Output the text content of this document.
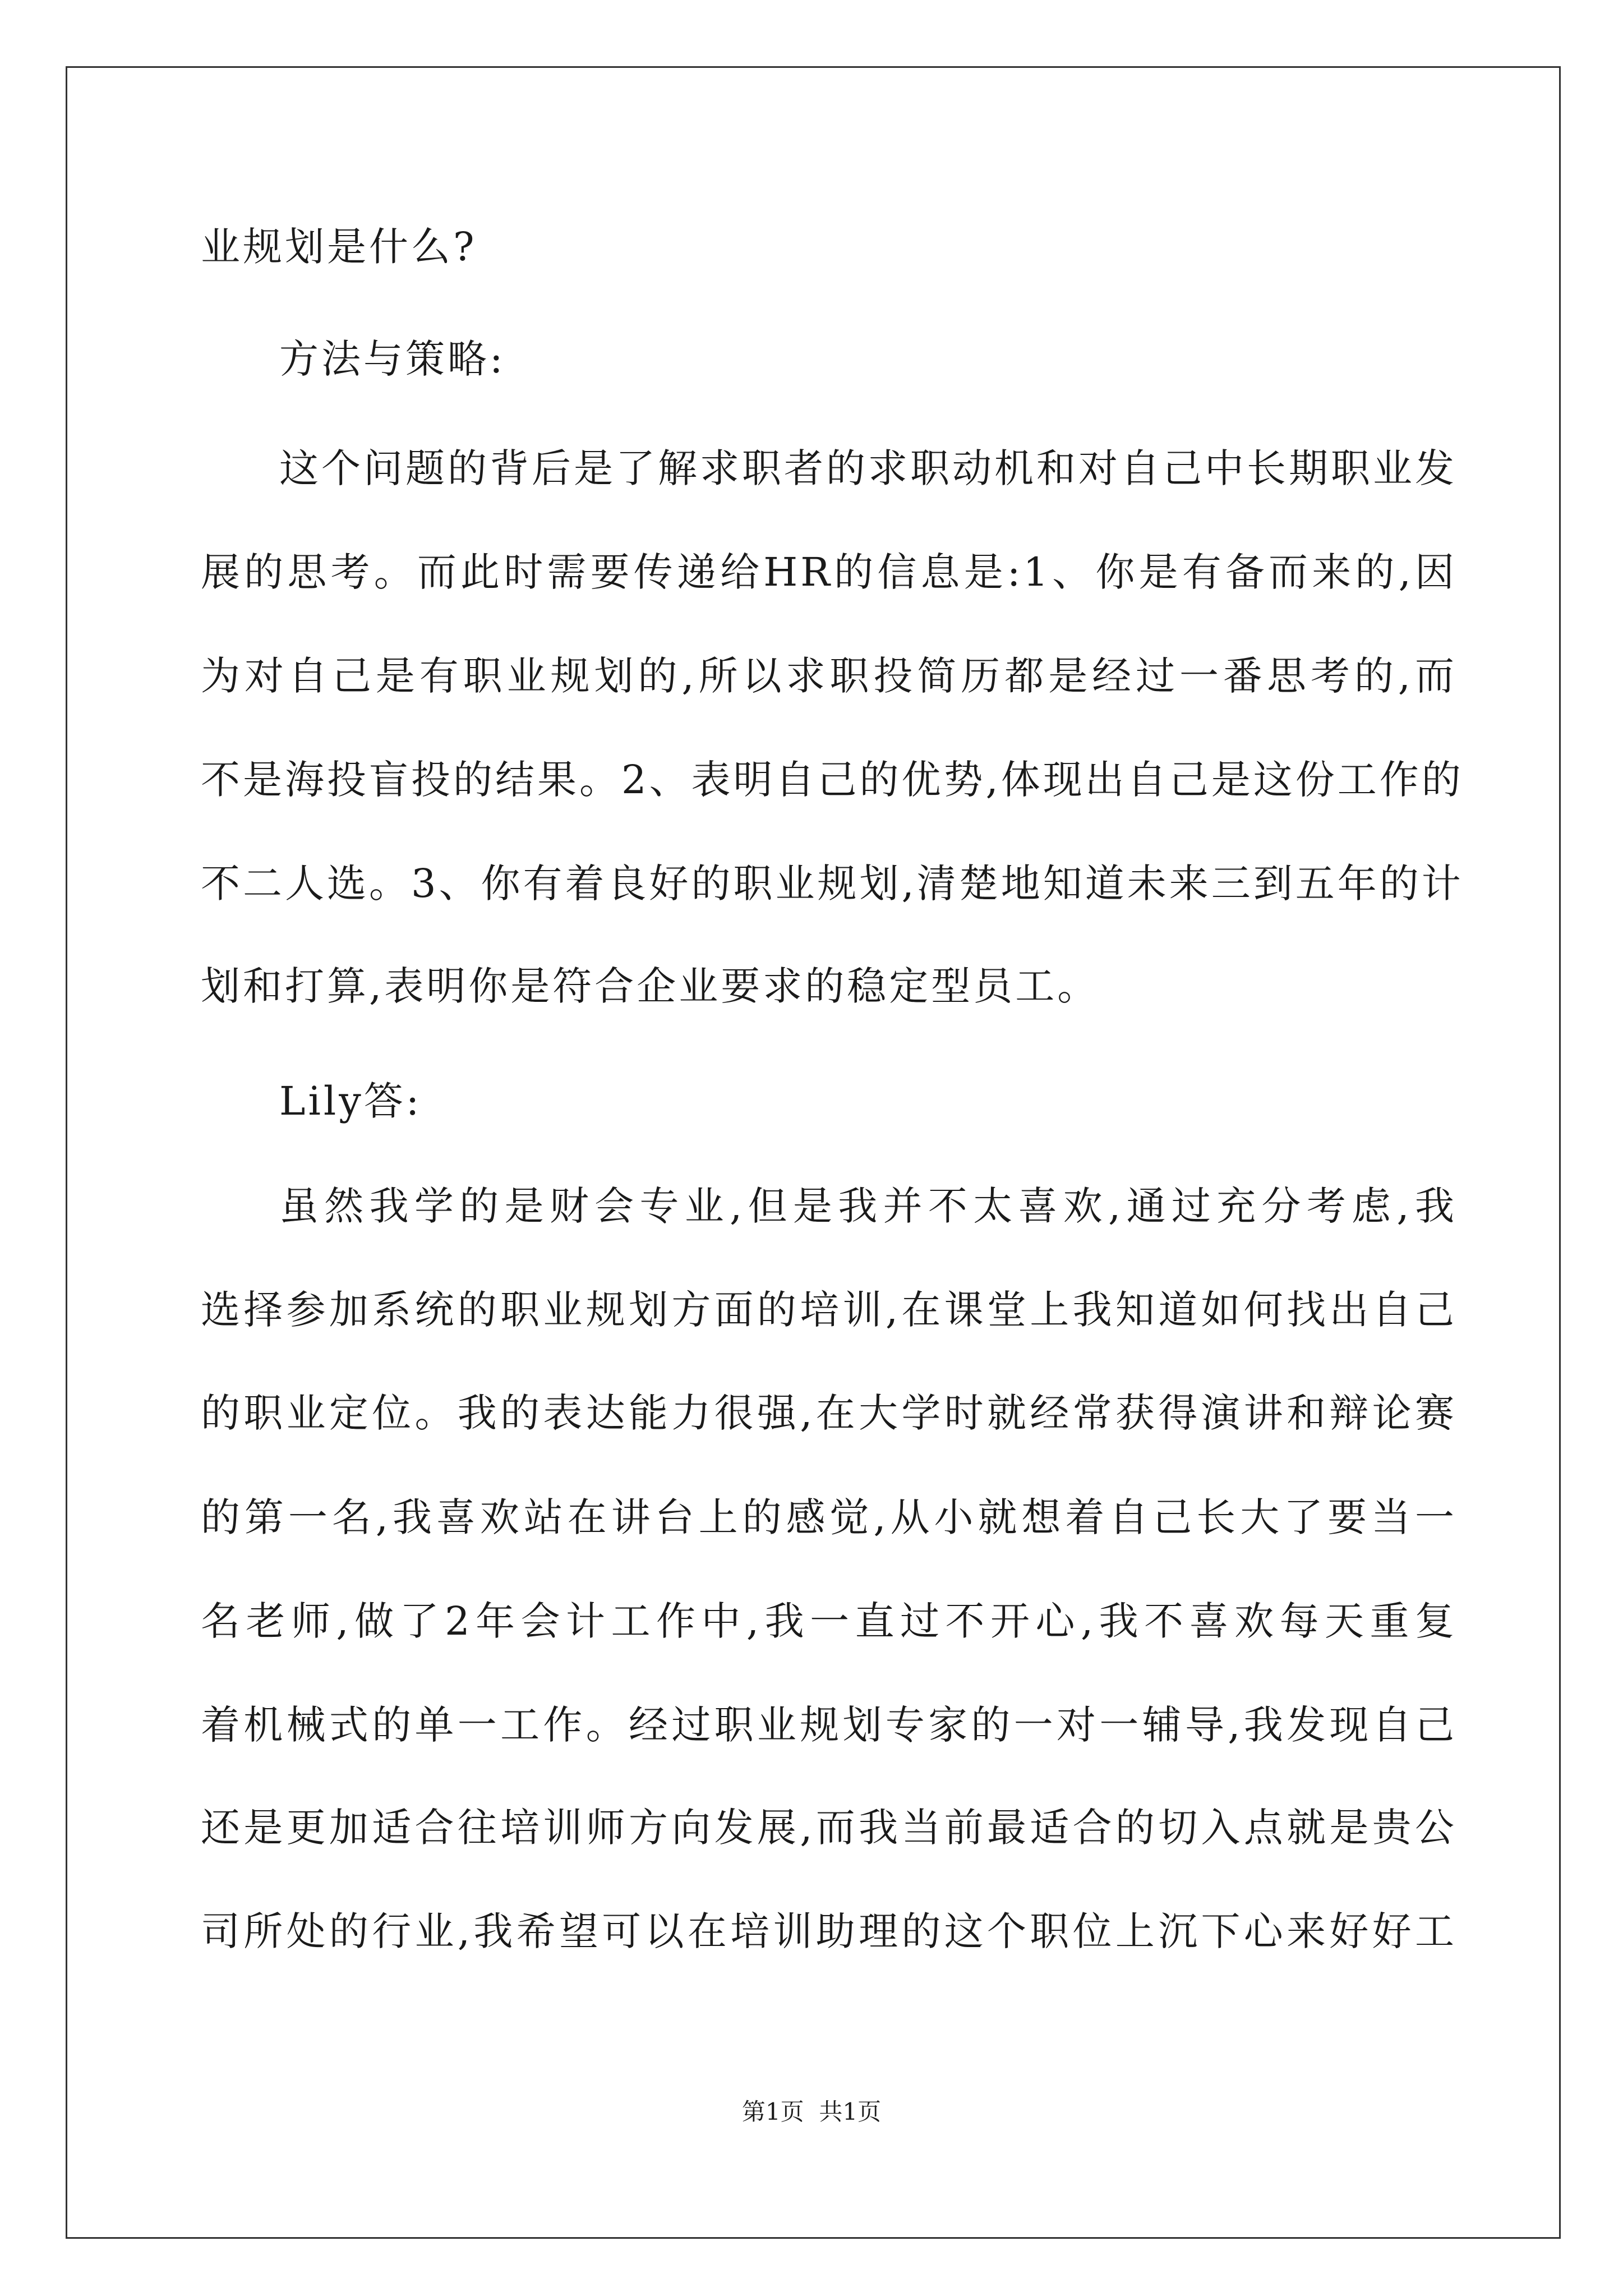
业规划是什么?
方法与策略:
这个问题的背后是了解求职者的求职动机和对自己中长期职业发
展的思考。而此时需要传递给HR的信息是:1、你是有备而来的,因
为对自己是有职业规划的,所以求职投简历都是经过一番思考的,而
不是海投盲投的结果。2、表明自己的优势,体现出自己是这份工作的
不二人选。3、你有着良好的职业规划,清楚地知道未来三到五年的计
划和打算,表明你是符合企业要求的稳定型员工。
Lily答:
虽然我学的是财会专业,但是我并不太喜欢,通过充分考虑,我
选择参加系统的职业规划方面的培训,在课堂上我知道如何找出自己
的职业定位。我的表达能力很强,在大学时就经常获得演讲和辩论赛
的第一名,我喜欢站在讲台上的感觉,从小就想着自己长大了要当一
名老师,做了2年会计工作中,我一直过不开心,我不喜欢每天重复
着机械式的单一工作。经过职业规划专家的一对一辅导,我发现自己
还是更加适合往培训师方向发展,而我当前最适合的切入点就是贵公
司所处的行业,我希望可以在培训助理的这个职位上沉下心来好好工
第1页  共1页
